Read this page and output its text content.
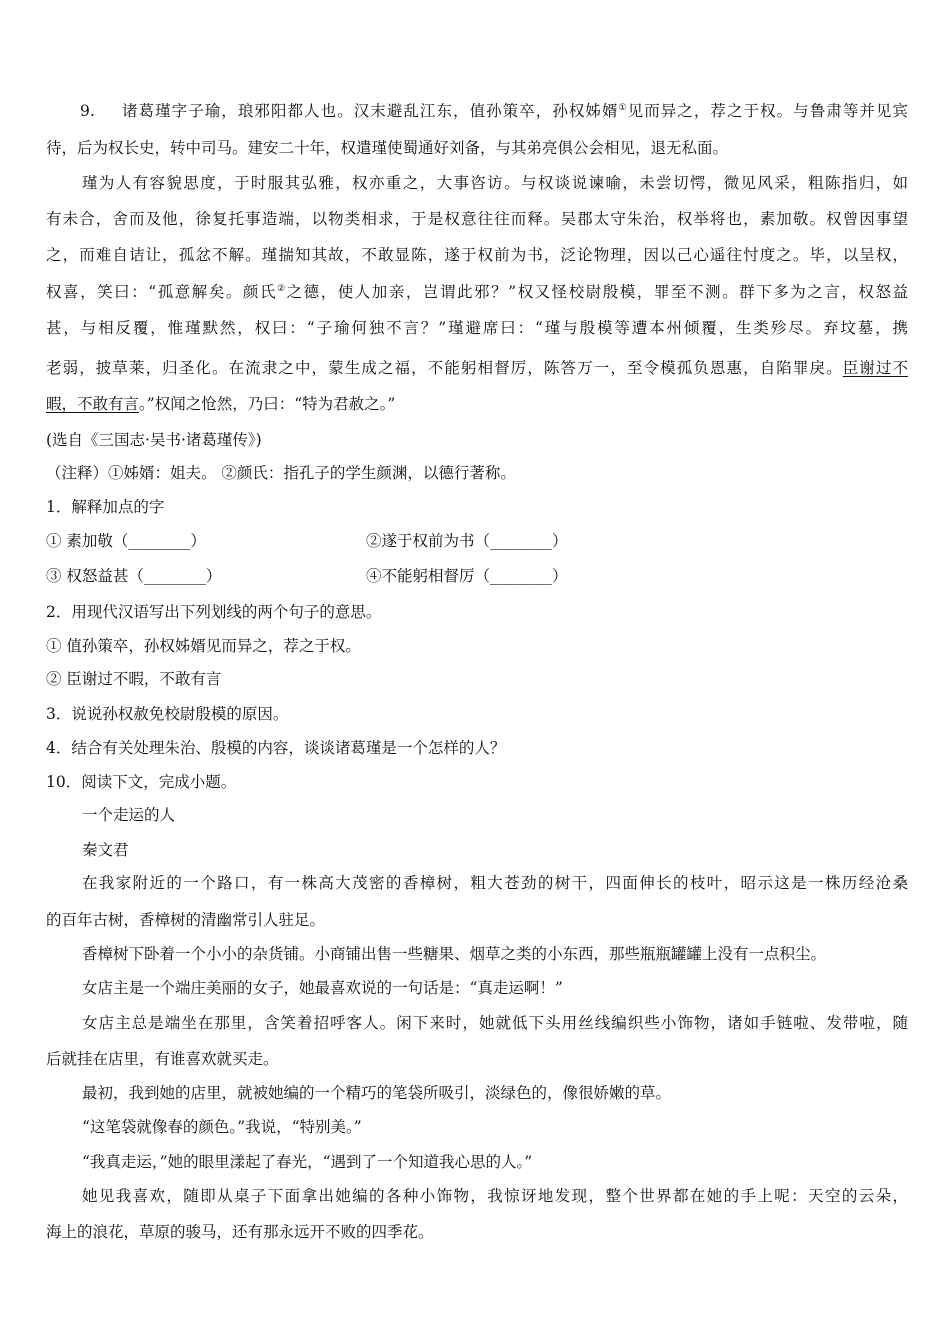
9. 诸葛瑾字子瑜，琅邪阳都人也。汉末避乱江东，值孙策卒，孙权姊婿①见而异之，荐之于权。与鲁肃等并见宾
待，后为权长史，转中司马。建安二十年，权遣瑾使蜀通好刘备，与其弟亮俱公会相见，退无私面。
瑾为人有容貌思度，于时服其弘雅，权亦重之，大事咨访。与权谈说谏喻，未尝切愕，微见风采，粗陈指归，如
有未合，舍而及他，徐复托事造端，以物类相求，于是权意往往而释。吴郡太守朱治，权举将也，素加敬。权曾因事望
之，而难自诘让，孤忿不解。瑾揣知其故，不敢显陈，遂于权前为书，泛论物理，因以己心遥往忖度之。毕，以呈权，
权喜，笑曰：“孤意解矣。颜氏②之德，使人加亲，岂谓此邪？”权又怪校尉殷模，罪至不测。群下多为之言，权怒益
甚，与相反覆，惟瑾默然，权曰：“子瑜何独不言？”瑾避席曰：“瑾与殷模等遭本州倾覆，生类殄尽。弃坟墓，携
老弱，披草莱，归圣化。在流隶之中，蒙生成之福，不能躬相督厉，陈答万一，至令模孤负恩惠，自陷罪戾。臣谢过不
暇，不敢有言。”权闻之怆然，乃曰：“特为君赦之。”
(选自《三国志·吴书·诸葛瑾传》)
（注释）①姊婿：姐夫。 ②颜氏：指孔子的学生颜渊，以德行著称。
1．解释加点的字
① 素加敬（________）	②遂于权前为书（________）
③ 权怒益甚（________）	④不能躬相督厉（________）
2．用现代汉语写出下列划线的两个句子的意思。
① 值孙策卒，孙权姊婿见而异之，荐之于权。
② 臣谢过不暇，不敢有言
3．说说孙权赦免校尉殷模的原因。
4．结合有关处理朱治、殷模的内容，谈谈诸葛瑾是一个怎样的人？
10．阅读下文，完成小题。
一个走运的人
秦文君
在我家附近的一个路口，有一株高大茂密的香樟树，粗大苍劲的树干，四面伸长的枝叶，昭示这是一株历经沧桑
的百年古树，香樟树的清幽常引人驻足。
香樟树下卧着一个小小的杂货铺。小商铺出售一些糖果、烟草之类的小东西，那些瓶瓶罐罐上没有一点积尘。
女店主是一个端庄美丽的女子，她最喜欢说的一句话是：“真走运啊！”
女店主总是端坐在那里，含笑着招呼客人。闲下来时，她就低下头用丝线编织些小饰物，诸如手链啦、发带啦，随
后就挂在店里，有谁喜欢就买走。
最初，我到她的店里，就被她编的一个精巧的笔袋所吸引，淡绿色的，像很娇嫩的草。
“这笔袋就像春的颜色。”我说，“特别美。”
“我真走运，”她的眼里漾起了春光，“遇到了一个知道我心思的人。”
她见我喜欢，随即从桌子下面拿出她编的各种小饰物，我惊讶地发现，整个世界都在她的手上呢：天空的云朵，
海上的浪花，草原的骏马，还有那永远开不败的四季花。
